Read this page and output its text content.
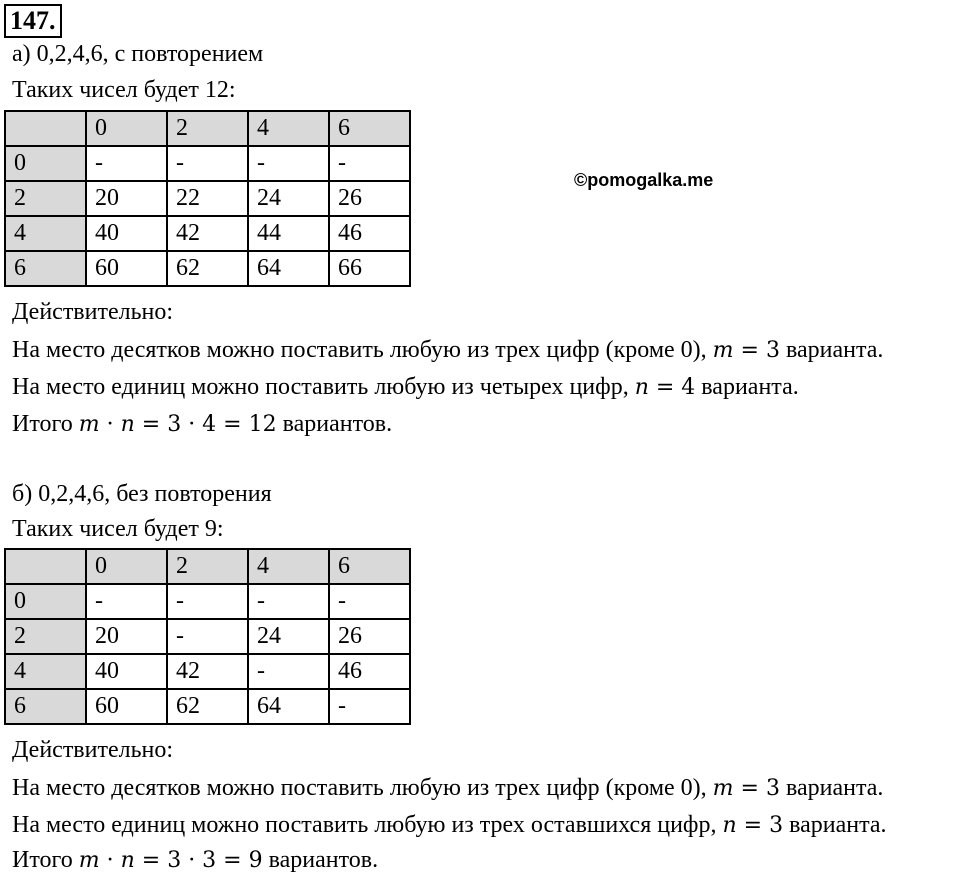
147.
а) 0,2,4,6, с повторением
Таких чисел будет 12:
	0	2	4	6
0	-	-	-	-
2	20	22	24	26
4	40	42	44	46
6	60	62	64	66
©pomogalka.me
Действительно:
На место десятков можно поставить любую из трех цифр (кроме 0), m = 3 варианта.
На место единиц можно поставить любую из четырех цифр, n = 4 варианта.
Итого m · n = 3 · 4 = 12 вариантов.
б) 0,2,4,6, без повторения
Таких чисел будет 9:
	0	2	4	6
0	-	-	-	-
2	20	-	24	26
4	40	42	-	46
6	60	62	64	-
Действительно:
На место десятков можно поставить любую из трех цифр (кроме 0), m = 3 варианта.
На место единиц можно поставить любую из трех оставшихся цифр, n = 3 варианта.
Итого m · n = 3 · 3 = 9 вариантов.
